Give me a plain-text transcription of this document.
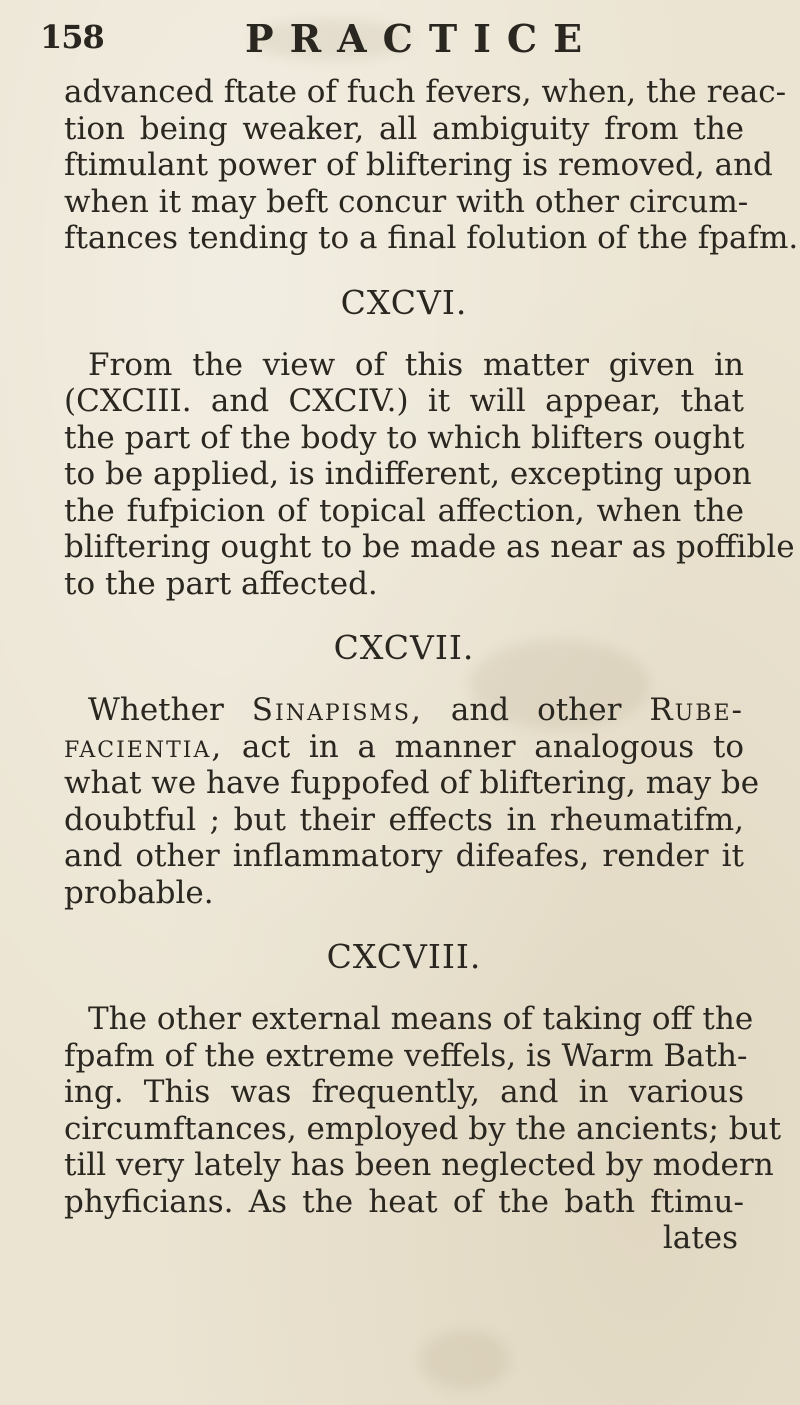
158	PRACTICE
advanced ftate of fuch fevers, when, the reac-
tion being weaker, all ambiguity from the
ftimulant power of bliftering is removed, and
when it may beft concur with other circum-
ftances tending to a final folution of the fpafm.
CXCVI.
From the view of this matter given in
(CXCIII. and CXCIV.) it will appear, that
the part of the body to which blifters ought
to be applied, is indifferent, excepting upon
the fufpicion of topical affection, when the
bliftering ought to be made as near as poffible
to the part affected.
CXCVII.
Whether Sinapisms, and other Rube-
facientia, act in a manner analogous to
what we have fuppofed of bliftering, may be
doubtful ; but their effects in rheumatifm,
and other inflammatory difeafes, render it
probable.
CXCVIII.
The other external means of taking off the
fpafm of the extreme veffels, is Warm Bath-
ing. This was frequently, and in various
circumftances, employed by the ancients; but
till very lately has been neglected by modern
phyficians. As the heat of the bath ftimu-
lates
